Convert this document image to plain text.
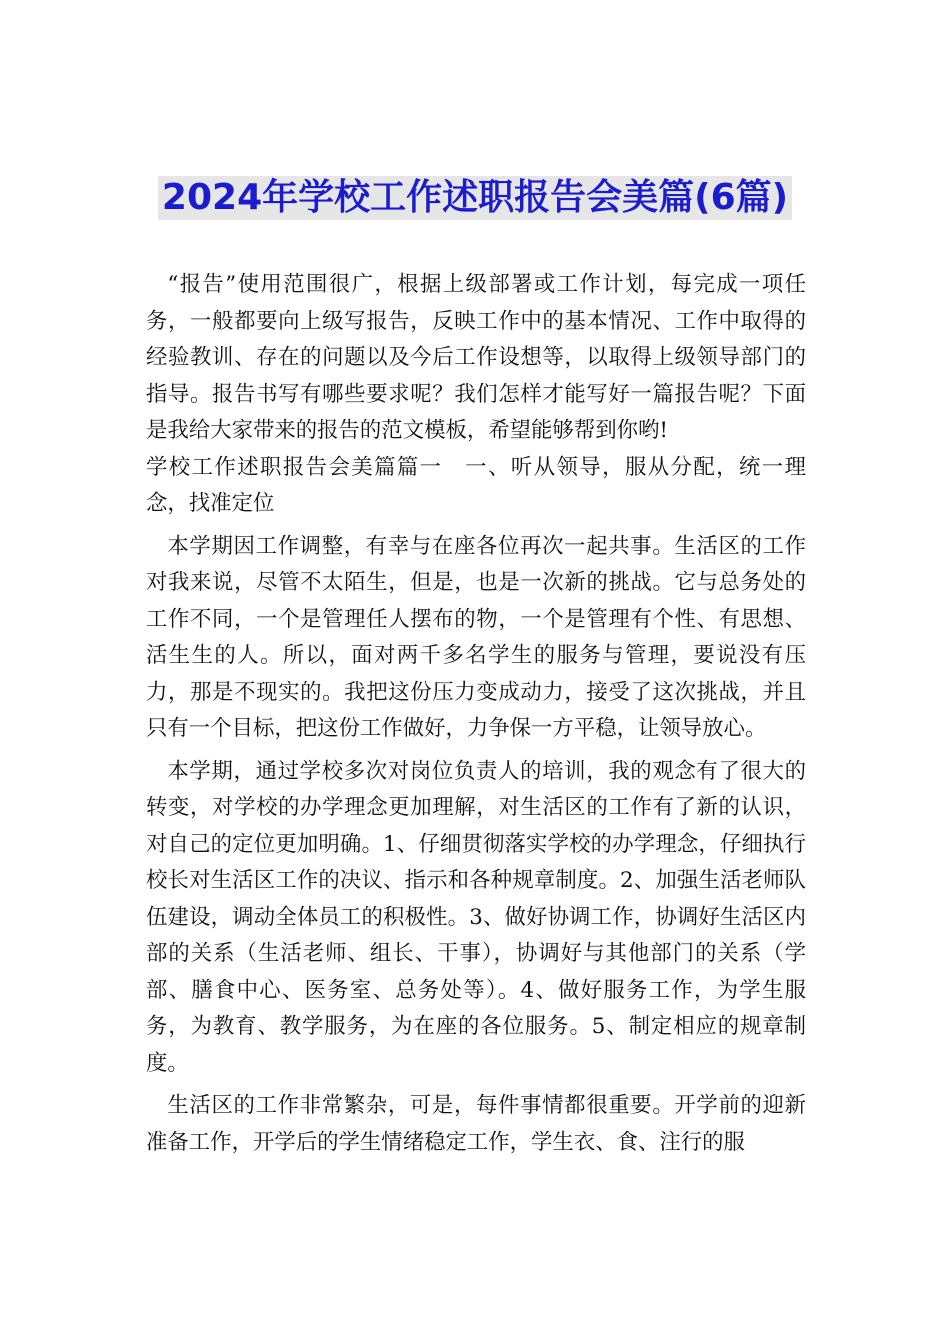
2024年学校工作述职报告会美篇(6篇)

“报告”使用范围很广，根据上级部署或工作计划，每完成一项任务，一般都要向上级写报告，反映工作中的基本情况、工作中取得的经验教训、存在的问题以及今后工作设想等，以取得上级领导部门的指导。报告书写有哪些要求呢？我们怎样才能写好一篇报告呢？下面是我给大家带来的报告的范文模板，希望能够帮到你哟!

学校工作述职报告会美篇篇一　一、听从领导，服从分配，统一理念，找准定位

本学期因工作调整，有幸与在座各位再次一起共事。生活区的工作对我来说，尽管不太陌生，但是，也是一次新的挑战。它与总务处的工作不同，一个是管理任人摆布的物，一个是管理有个性、有思想、活生生的人。所以，面对两千多名学生的服务与管理，要说没有压力，那是不现实的。我把这份压力变成动力，接受了这次挑战，并且只有一个目标，把这份工作做好，力争保一方平稳，让领导放心。

本学期，通过学校多次对岗位负责人的培训，我的观念有了很大的转变，对学校的办学理念更加理解，对生活区的工作有了新的认识，对自己的定位更加明确。1、仔细贯彻落实学校的办学理念，仔细执行校长对生活区工作的决议、指示和各种规章制度。2、加强生活老师队伍建设，调动全体员工的积极性。3、做好协调工作，协调好生活区内部的关系（生活老师、组长、干事），协调好与其他部门的关系（学部、膳食中心、医务室、总务处等）。4、做好服务工作，为学生服务，为教育、教学服务，为在座的各位服务。5、制定相应的规章制度。

生活区的工作非常繁杂，可是，每件事情都很重要。开学前的迎新准备工作，开学后的学生情绪稳定工作，学生衣、食、注行的服
